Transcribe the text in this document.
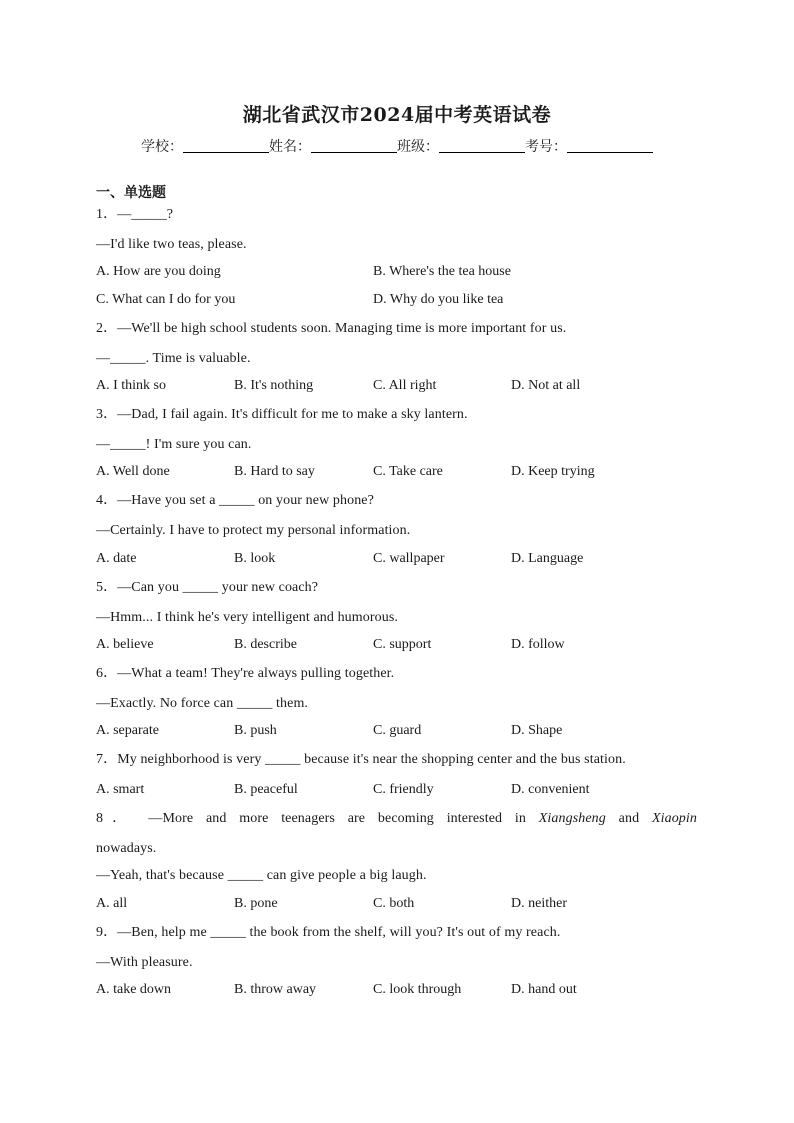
湖北省武汉市2024届中考英语试卷
学校：	姓名：	班级：	考号：
一、单选题
1．—_____?
—I'd like two teas, please.
A. How are you doing	B. Where's the tea house
C. What can I do for you	D. Why do you like tea
2．—We'll be high school students soon. Managing time is more important for us.
—_____. Time is valuable.
A. I think so	B. It's nothing	C. All right	D. Not at all
3．—Dad, I fail again. It's difficult for me to make a sky lantern.
—_____! I'm sure you can.
A. Well done	B. Hard to say	C. Take care	D. Keep trying
4．—Have you set a _____ on your new phone?
—Certainly. I have to protect my personal information.
A. date	B. look	C. wallpaper	D. Language
5．—Can you _____ your new coach?
—Hmm... I think he's very intelligent and humorous.
A. believe	B. describe	C. support	D. follow
6．—What a team! They're always pulling together.
—Exactly. No force can _____ them.
A. separate	B. push	C. guard	D. Shape
7．My neighborhood is very _____ because it's near the shopping center and the bus station.
A. smart	B. peaceful	C. friendly	D. convenient
8． —More and more teenagers are becoming interested in Xiangsheng and Xiaopin
nowadays.
—Yeah, that's because _____ can give people a big laugh.
A. all	B. pone	C. both	D. neither
9．—Ben, help me _____ the book from the shelf, will you? It's out of my reach.
—With pleasure.
A. take down	B. throw away	C. look through	D. hand out
